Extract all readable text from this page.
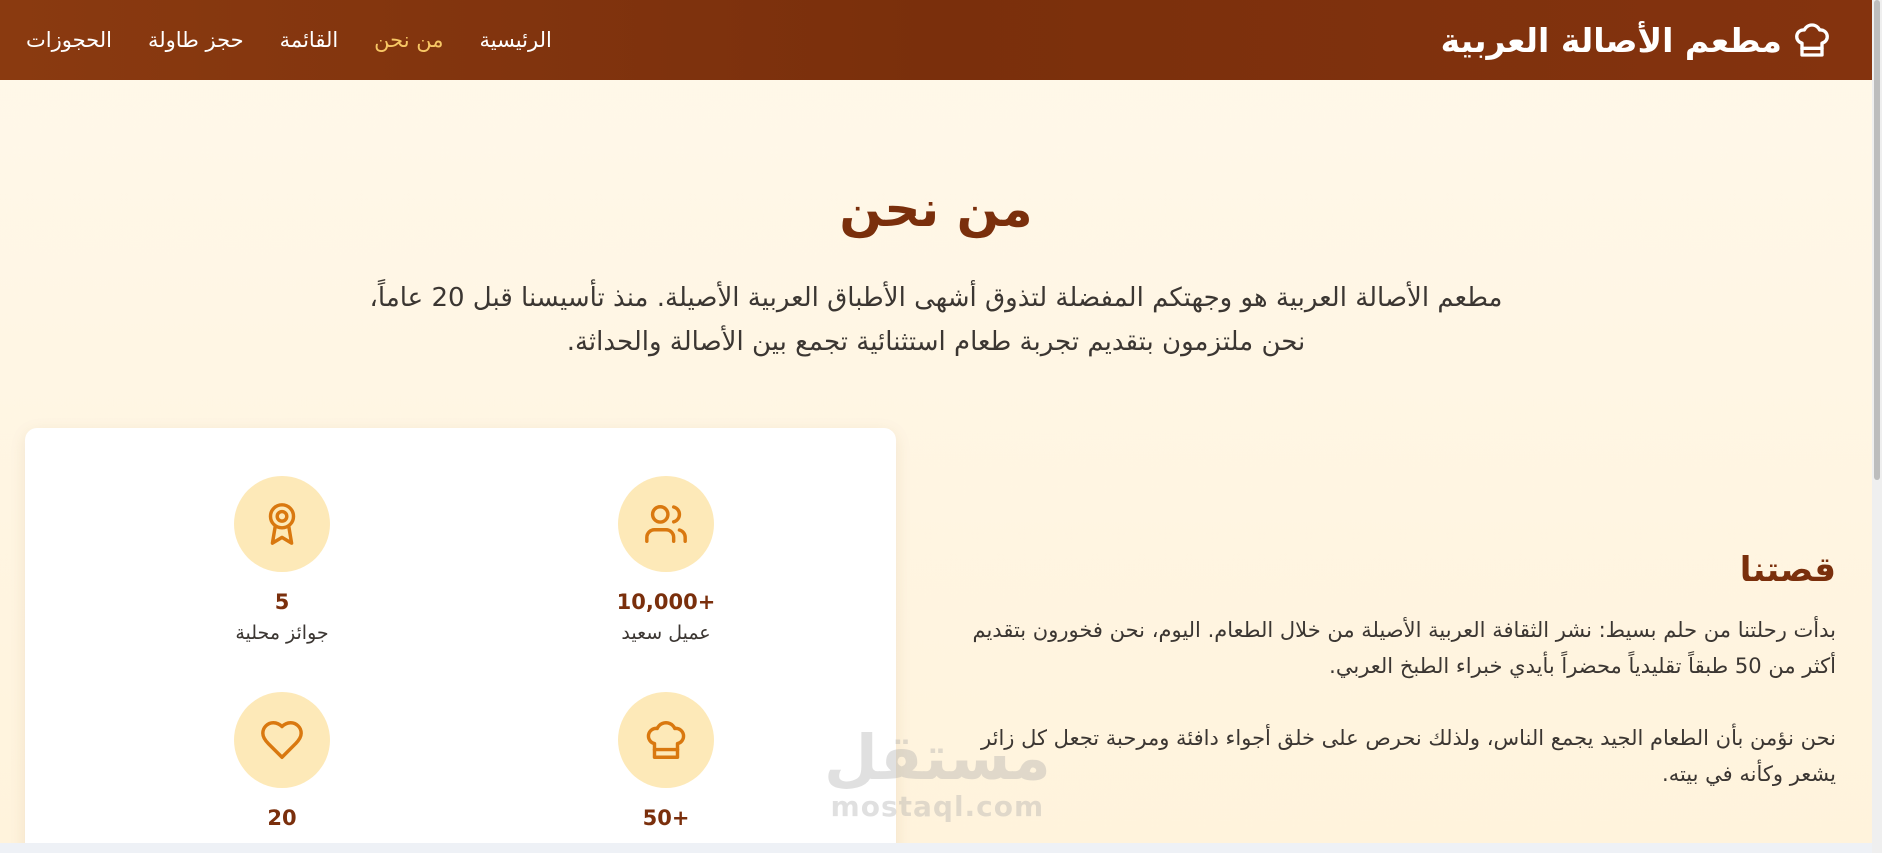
مطعم الأصالة العربية
الرئيسية
من نحن
القائمة
حجز طاولة
الحجوزات
من نحن

مطعم الأصالة العربية هو وجهتكم المفضلة لتذوق أشهى الأطباق العربية الأصيلة. منذ تأسيسنا قبل 20 عاماً، نحن ملتزمون بتقديم تجربة طعام استثنائية تجمع بين الأصالة والحداثة.

+10,000
عميل سعيد
5
جوائز محلية
+50
20
قصتنا

بدأت رحلتنا من حلم بسيط: نشر الثقافة العربية الأصيلة من خلال الطعام. اليوم، نحن فخورون بتقديم أكثر من 50 طبقاً تقليدياً محضراً بأيدي خبراء الطبخ العربي.

نحن نؤمن بأن الطعام الجيد يجمع الناس، ولذلك نحرص على خلق أجواء دافئة ومرحبة تجعل كل زائر يشعر وكأنه في بيته.

مستقل
mostaql.com
